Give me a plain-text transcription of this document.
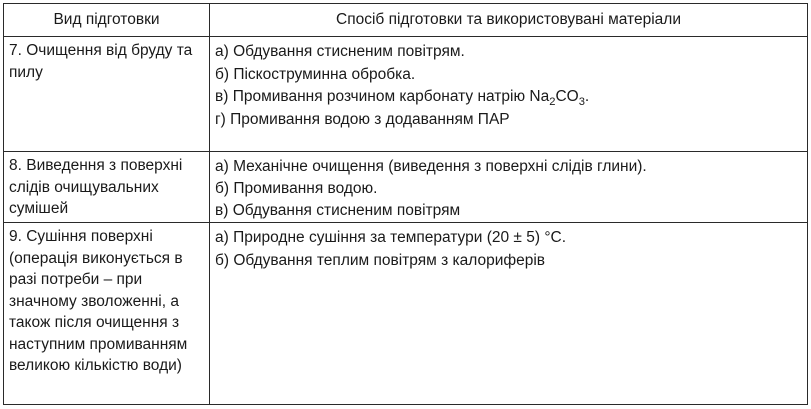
Вид підготовки	Спосіб підготовки та використовувані матеріали

7. Очищення від бруду та пилу	а) Обдування стисненим повітрям.
б) Піскоструминна обробка.
в) Промивання розчином карбонату натрію $Na_2CO_3$.
г) Промивання водою з додаванням ПАР

8. Виведення з поверхні слідів очищувальних сумішей	а) Механічне очищення (виведення з поверхні слідів глини).
б) Промивання водою.
в) Обдування стисненим повітрям

9. Сушіння поверхні (операція виконується в разі потреби – при значному зволоженні, а також після очищення з наступним промиванням великою кількістю води)	а) Природне сушіння за температури (20 ± 5) °С.
б) Обдування теплим повітрям з калориферів
